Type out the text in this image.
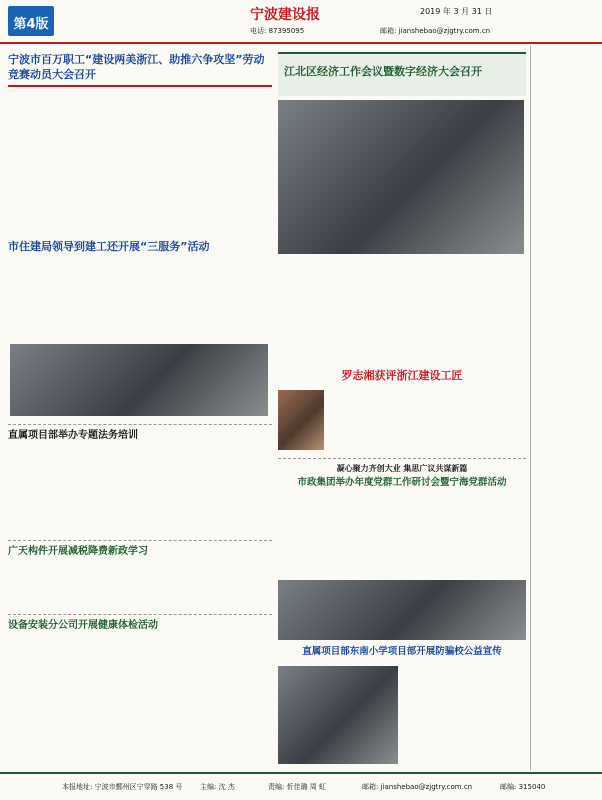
第4版
宁波建设报	2019 年 3 月 31 日
电话: 87395095	邮箱: jianshebao@zjgtry.com.cn
宁波市百万职工“建设两美浙江、助推六争攻坚”劳动竞赛动员大会召开	江北区经济工作会议暨数字经济大会召开
市住建局领导到建工还开展“三服务”活动
罗志湘获评浙江建设工匠
直属项目部举办专题法务培训
凝心聚力齐创大业 集思广议共谋新篇
市政集团举办年度党群工作研讨会暨宁海党群活动
广天构件开展减税降费新政学习
设备安装分公司开展健康体检活动
直属项目部东南小学项目部开展防骗校公益宣传
本报地址: 宁波市鄞州区宁穿路 538 号	主编: 沈 杰	责编: 忻佳璐 周 虹	邮箱: jianshebao@zjgtry.com.cn	邮编: 315040
